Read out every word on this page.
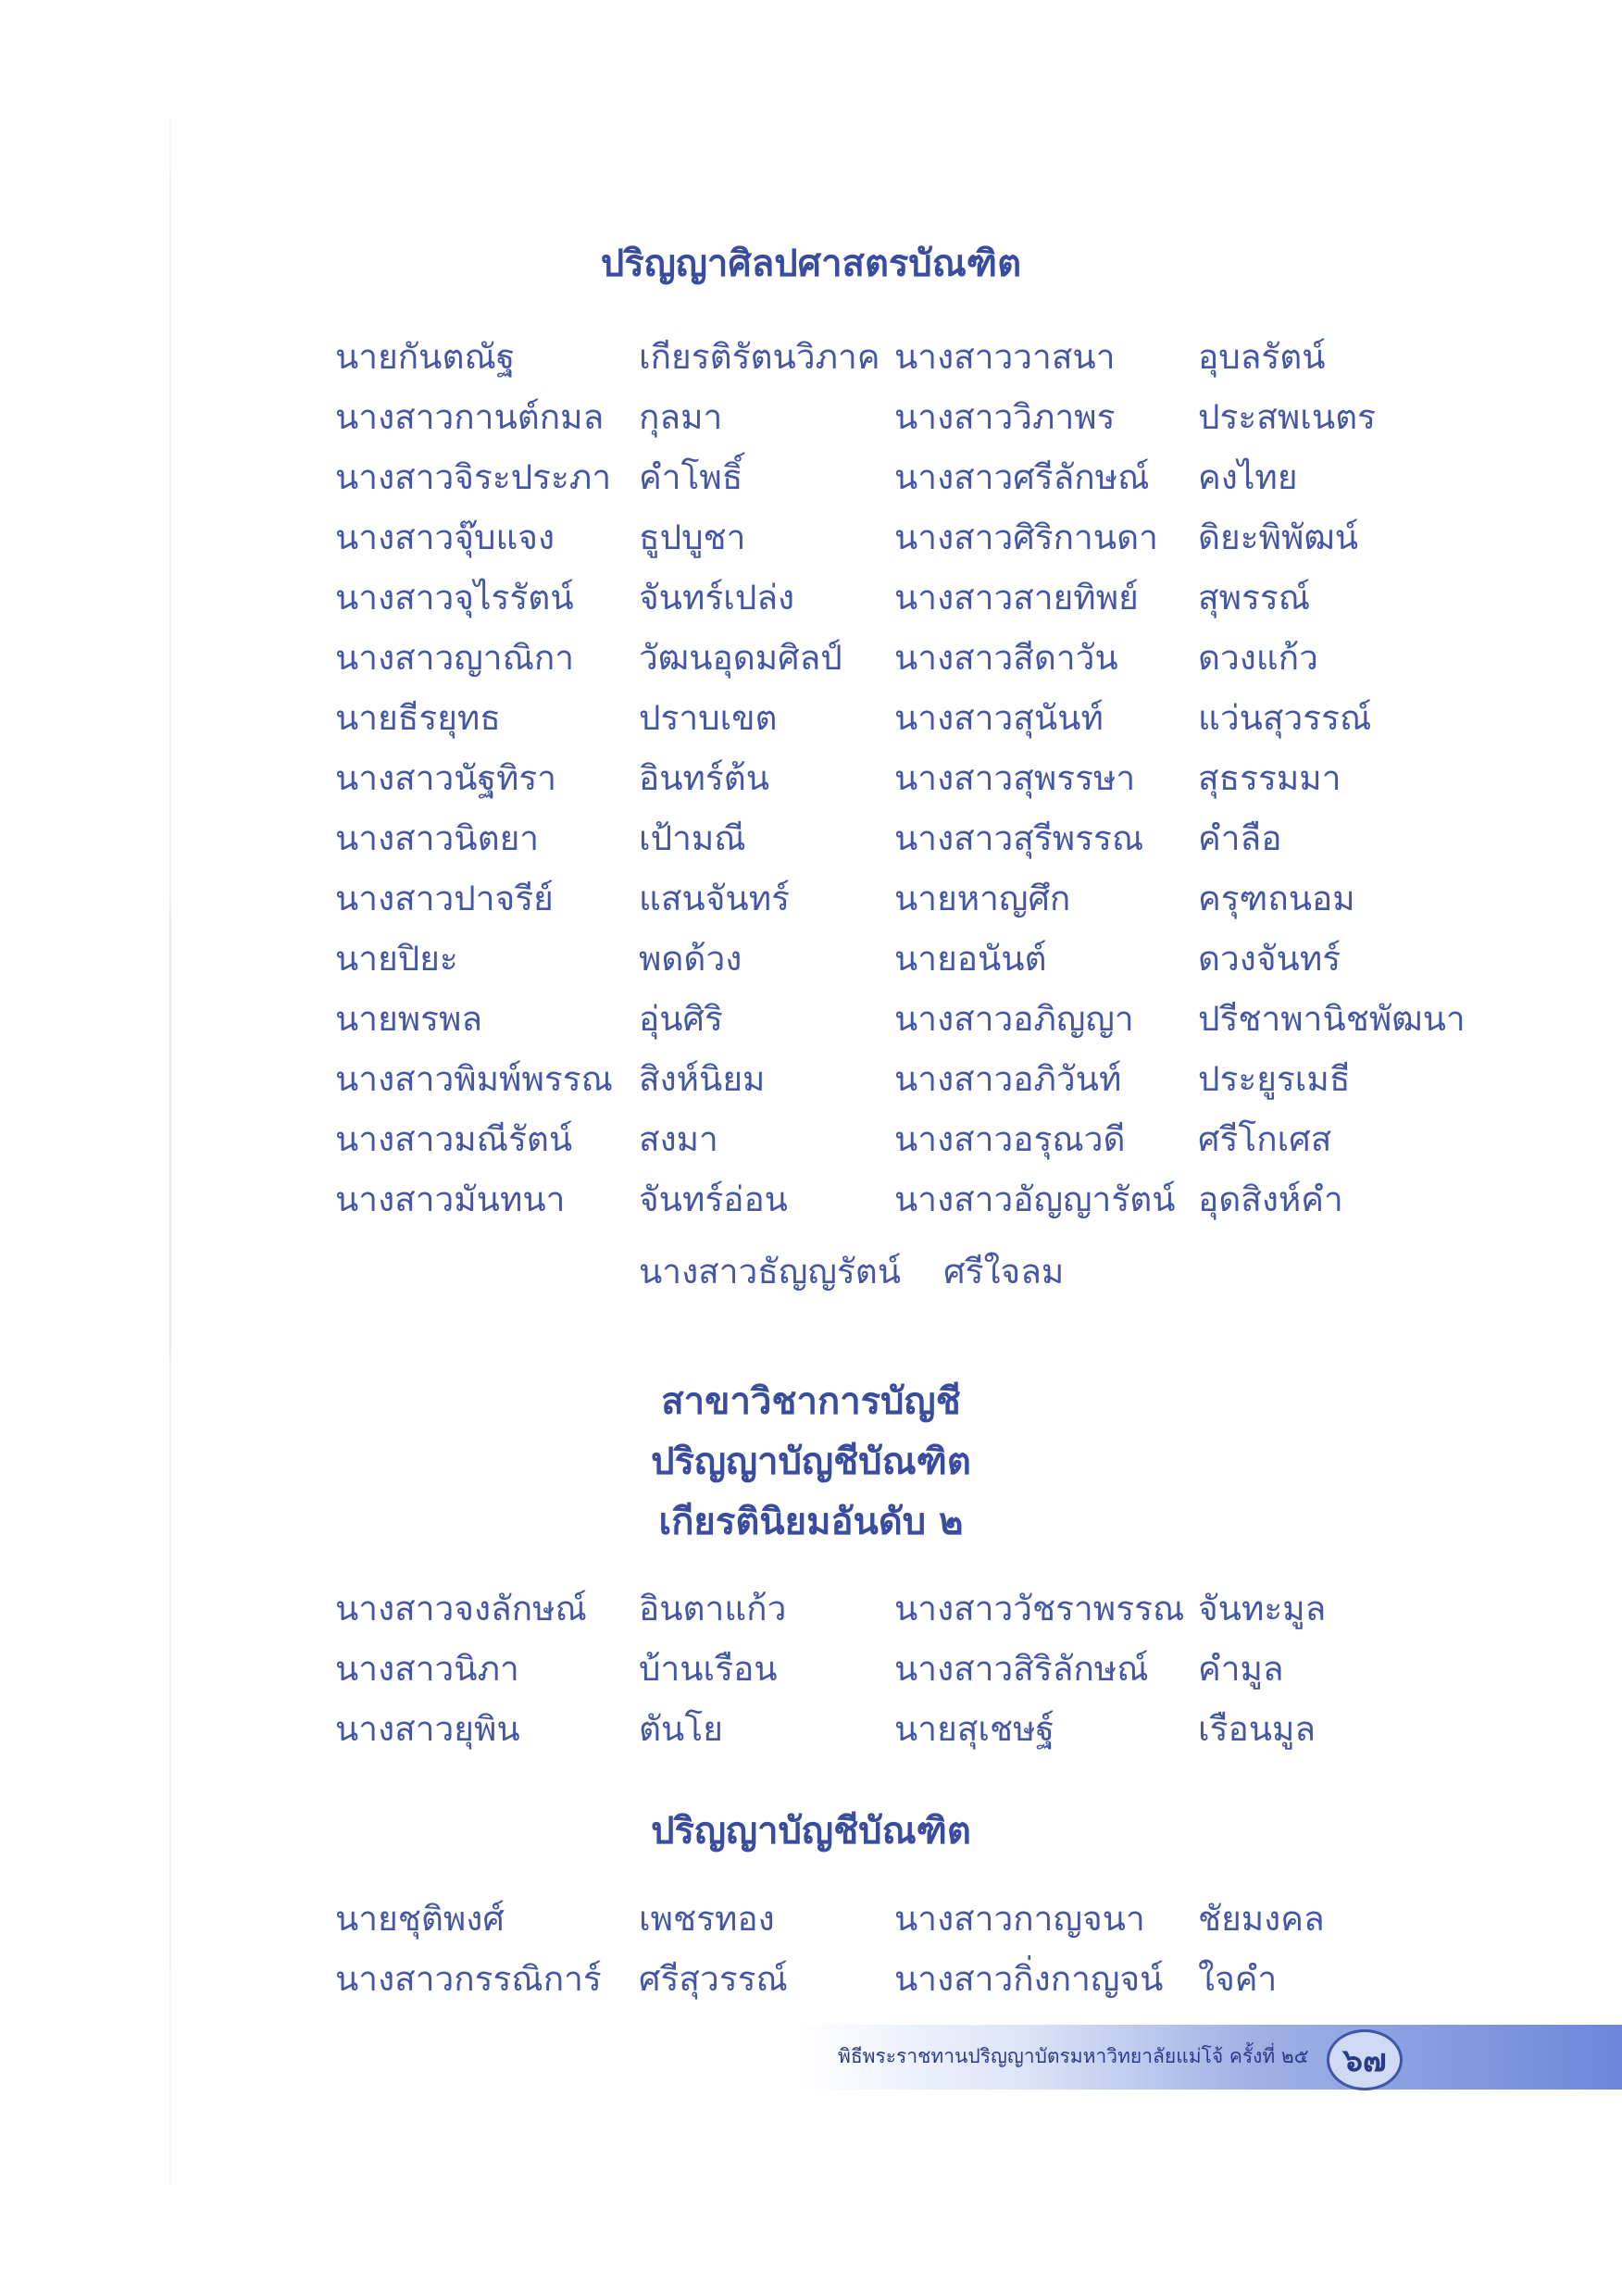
ปริญญาศิลปศาสตรบัณฑิต
นายกันตณัฐ	เกียรติรัตนวิภาค นางสาววาสนา	อุบลรัตน์
นางสาวกานต์กมล	กุลมา	นางสาววิภาพร	ประสพเนตร
นางสาวจิระประภา คำโพธิ์	นางสาวศรีลักษณ์	คงไทย
นางสาวจุ๊บแจง	ธูปบูชา	นางสาวศิริกานดา	ดิยะพิพัฒน์
นางสาวจุไรรัตน์	จันทร์เปล่ง	นางสาวสายทิพย์	สุพรรณ์
นางสาวญาณิกา	วัฒนอุดมศิลป์	นางสาวสีดาวัน	ดวงแก้ว
นายธีรยุทธ	ปราบเขต	นางสาวสุนันท์	แว่นสุวรรณ์
นางสาวนัฐทิรา	อินทร์ต้น	นางสาวสุพรรษา	สุธรรมมา
นางสาวนิตยา	เป้ามณี	นางสาวสุรีพรรณ	คำลือ
นางสาวปาจรีย์	แสนจันทร์	นายหาญศึก	ครุฑถนอม
นายปิยะ	พดด้วง	นายอนันต์	ดวงจันทร์
นายพรพล	อุ่นศิริ	นางสาวอภิญญา	ปรีชาพานิชพัฒนา
นางสาวพิมพ์พรรณ สิงห์นิยม	นางสาวอภิวันท์	ประยูรเมธี
นางสาวมณีรัตน์	สงมา	นางสาวอรุณวดี	ศรีโกเศส
นางสาวมันทนา	จันทร์อ่อน	นางสาวอัญญารัตน์ อุดสิงห์คำ
นางสาวธัญญรัตน์ ศรีใจลม
สาขาวิชาการบัญชี
ปริญญาบัญชีบัณฑิต
เกียรตินิยมอันดับ ๒
นางสาวจงลักษณ์	อินตาแก้ว	นางสาววัชราพรรณ จันทะมูล
นางสาวนิภา	บ้านเรือน	นางสาวสิริลักษณ์	คำมูล
นางสาวยุพิน	ตันโย	นายสุเชษฐ์	เรือนมูล
ปริญญาบัญชีบัณฑิต
นายชุติพงศ์	เพชรทอง	นางสาวกาญจนา	ชัยมงคล
นางสาวกรรณิการ์	ศรีสุวรรณ์	นางสาวกิ่งกาญจน์	ใจคำ
พิธีพระราชทานปริญญาบัตรมหาวิทยาลัยแม่โจ้ ครั้งที่ ๒๕ ๖๗
